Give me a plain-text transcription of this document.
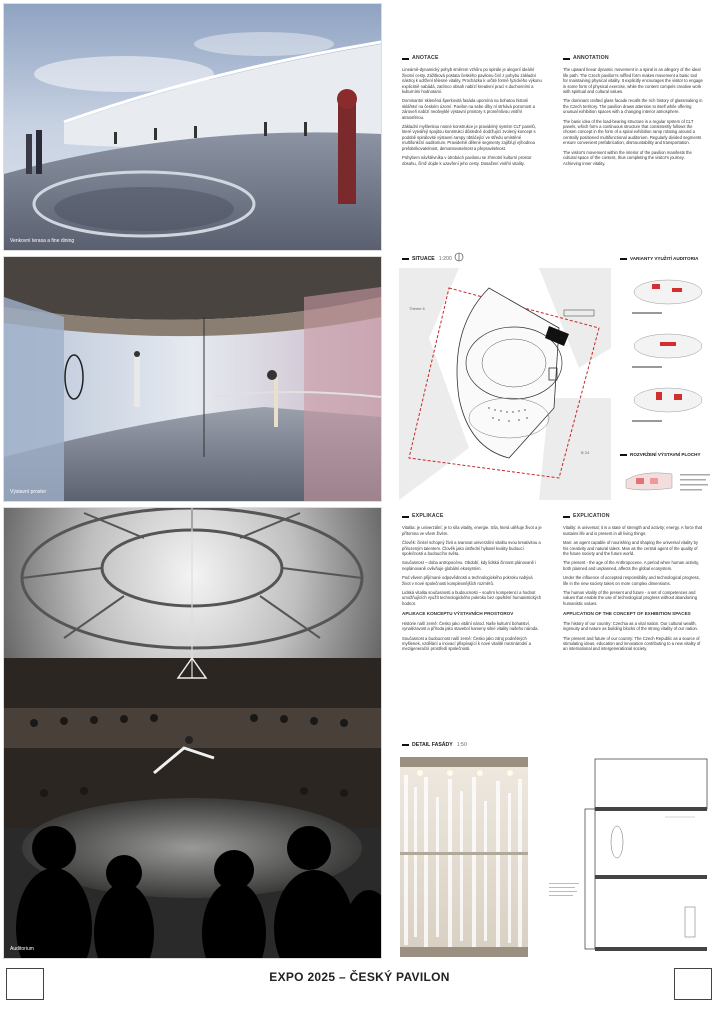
Venkovní terasa a fine dining
Výstavní prostor
Auditorium
ANOTACE

Lineárně-dynamický pohyb směrem vzhůru po spirále je alegorií ideální životní cesty. Zážitková postata českého pavilonu činí z pohybu základní nástroj k udržení tělesné vitality. Procházka k určité formě fyzického výkonu explicitně nabádá, zatímco obsah nabízí kreativní prací s duchovními a kulturními hodnotami.

Dominantní skleněná šperkovitá fasáda upomíná na bohatou historii sklářství na českém území. Pavilon na sebe díky ní strhává pozornost a zároveň nabízí neobvyklé výstavní prostory s proměnlivou vnitřní atmosférou.

Základní myšlenkou nosné konstrukce je pravidelný systém CLT panelů, které vytvářejí spojitou konstrukci důsledně dodržující zvolený koncept s podobě spirálovité výstavní rampy obtáčející ve středu umístěné multifunkční auditorium. Pravidelně dělené segmenty zajišťují výhodnou prefabrikovatelnost, demontovatelnost a přepravitelnost.

Pohybem návštěvníka v útrobách pavilonu se zhmotní kulturní prostor obsahu, čímž dojde k uzavření jeho cesty. Dosažení vnitřní vitality.

ANNOTATION

The upward linear dynamic movement in a spiral is an allegory of the ideal life path. The Czech pavilion's ruffled form makes movement a basic tool for maintaining physical vitality. It explicitly encourages the visitor to engage in some form of physical exercise, while the content compels creative work with spiritual and cultural values.

The dominant crafted glass facade recalls the rich history of glassmaking in the Czech territory. The pavilion draws attention to itself while offering unusual exhibition spaces with a changing interior atmosphere.

The basic idea of the load-bearing structure is a regular system of CLT panels, which form a continuous structure that consistently follows the chosen concept in the form of a spiral exhibition ramp rotating around a centrally positioned multifunctional auditorium. Regularly divided segments ensure convenient prefabrication, dismountability and transportation.

The visitor's movement within the interior of the pavilion manifests the cultural space of the content, thus completing the visitor's journey. Achieving inner vitality.

SITUACE 1:200
Theme 6
B 24
VARIANTY VYUŽITÍ AUDITORIA
ROZVRŽENÍ VÝSTAVNÍ PLOCHY
EXPLIKACE

Vitalita: je univerzální; je to síla vitality, energie. Síla, která utěšuje život a je přítomna ve všem živém.

Člověk: činitel schopný živit a tvarovat univerzální vitalitu svou kreativitou a přirozeným talentem. Člověk jako ústřední hybatel kvality budoucí společnosti a budoucího světa.

Současnost – doba antropocénu. Období, kdy lidská činnost plánovaně i neplánovaně ovlivňuje globální ekosystém.

Pod vlivem přijímané odpovědnosti a technologického pokroku nabývá život v nové společnosti komplexnějších rozměrů.

Lidská vitalita současnosti a budoucnosti – souhrn kompetencí a hodnot umožňujících využít technologického pokroku bez opuštění humanistických hodnot.

APLIKACE KONCEPTU VÝSTAVNÍCH PROSTOROV

Historie naší země: Česko jako vitální národ. Naše kulturní bohatství, vynalézavost a příroda jako stavební kameny silné vitality našeho národa.

Současnost a budoucnost naší země: Česko jako zdroj podnětných myšlenek, vzdělání a inovací přispívající k nové vitalitě mezinárodní a mezigenerační prostředí společnosti.

EXPLICATION

Vitality: is universal; it is a state of strength and activity; energy. A force that sustains life and is present in all living things.

Man: an agent capable of nourishing and shaping the universal vitality by his creativity and natural talent. Man as the central agent of the quality of the future society and the future world.

The present - the age of the Anthropocene. A period when human activity, both planned and unplanned, affects the global ecosystem.

Under the influence of accepted responsibility and technological progress, life in the new society takes on more complex dimensions.

The human vitality of the present and future - a set of competences and values that enable the use of technological progress without abandoning humanistic values.

APPLICATION OF THE CONCEPT OF EXHIBITION SPACES

The history of our country: Czechia as a vital nation. Our cultural wealth, ingenuity and nature as building blocks of the strong vitality of our nation.

The present and future of our country: The Czech Republic as a source of stimulating ideas, education and innovation contributing to a new vitality of an international and intergenerational society.

DETAIL FASÁDY 1:50
EXPO 2025 – ČESKÝ PAVILON
